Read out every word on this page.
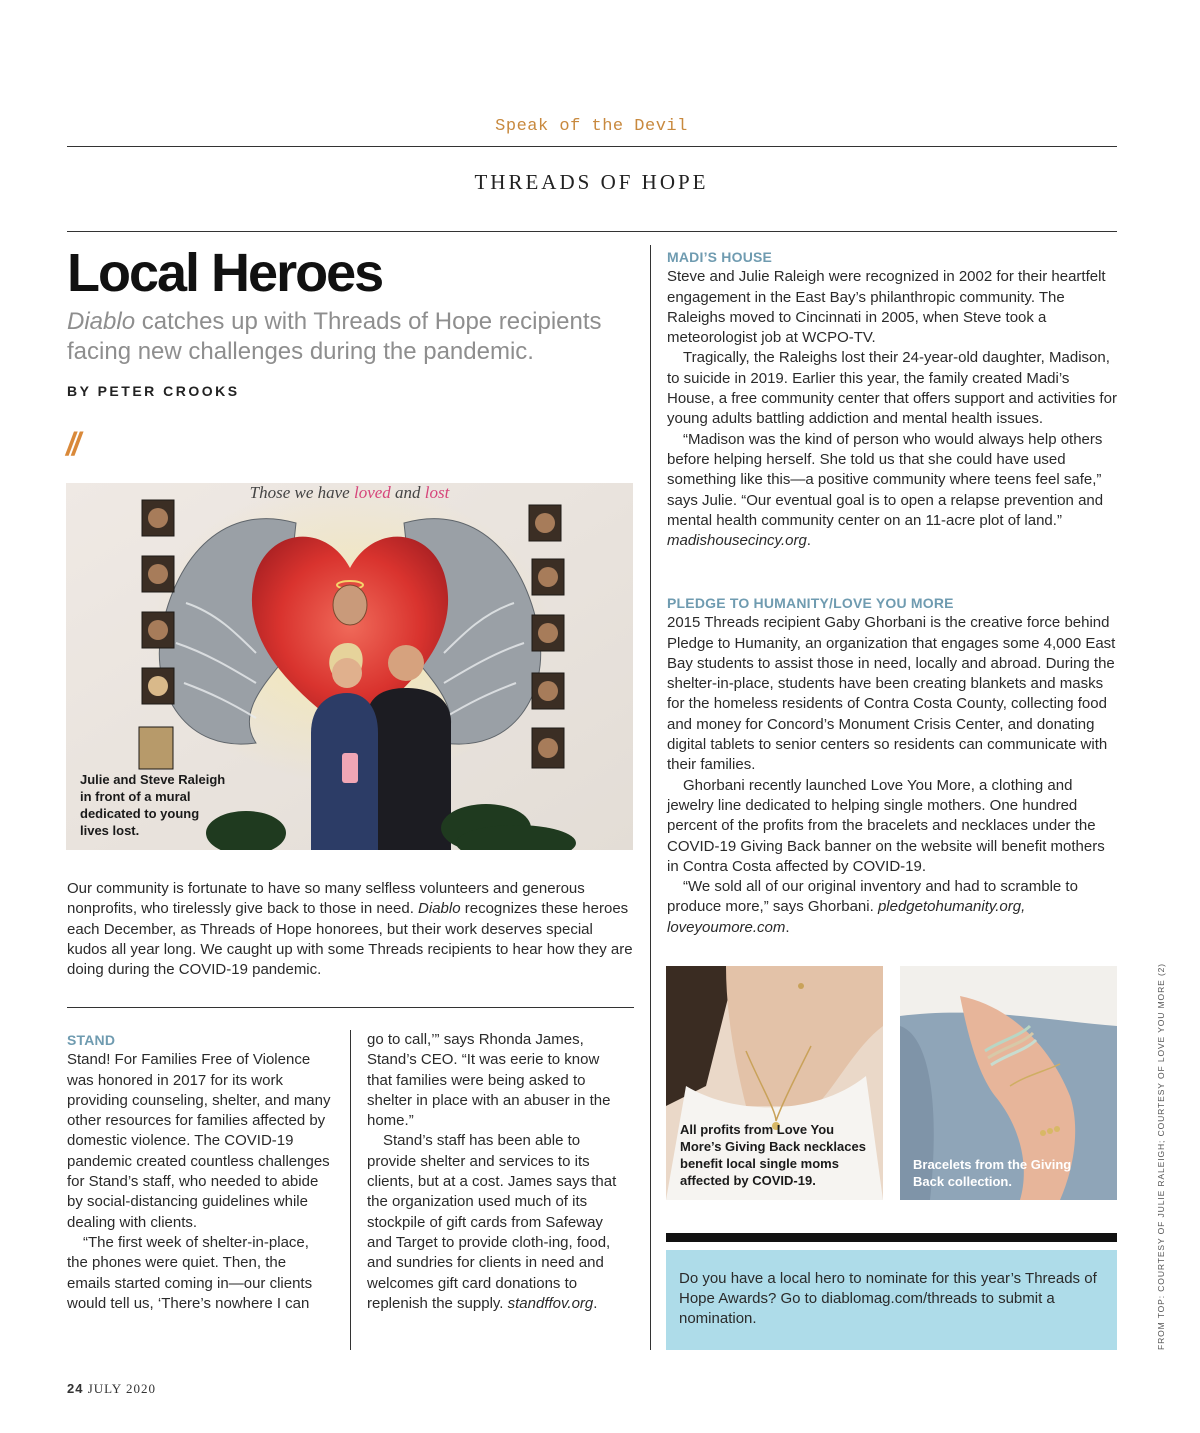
Speak of the Devil
THREADS OF HOPE
Local Heroes
Diablo catches up with Threads of Hope recipients facing new challenges during the pandemic.
BY PETER CROOKS
//
Those we have loved and lost
Julie and Steve Raleigh
in front of a mural
dedicated to young
lives lost.
Our community is fortunate to have so many selfless volunteers and generous nonprofits, who tirelessly give back to those in need. Diablo recognizes these heroes each December, as Threads of Hope honorees, but their work deserves special kudos all year long. We caught up with some Threads recipients to hear how they are doing during the COVID-19 pandemic.
STAND

Stand! For Families Free of Violence was honored in 2017 for its work providing counseling, shelter, and many other resources for families affected by domestic violence. The COVID-19 pandemic created countless challenges for Stand’s staff, who needed to abide by social-distancing guidelines while dealing with clients.

“The first week of shelter-in-place, the phones were quiet. Then, the emails started coming in—our clients would tell us, ‘There’s nowhere I can

go to call,’” says Rhonda James, Stand’s CEO. “It was eerie to know that families were being asked to shelter in place with an abuser in the home.”

Stand’s staff has been able to provide shelter and services to its clients, but at a cost. James says that the organization used much of its stockpile of gift cards from Safeway and Target to provide cloth-ing, food, and sundries for clients in need and welcomes gift card donations to replenish the supply. standffov.org.

MADI’S HOUSE

Steve and Julie Raleigh were recognized in 2002 for their heartfelt engagement in the East Bay’s philanthropic community. The Raleighs moved to Cincinnati in 2005, when Steve took a meteorologist job at WCPO-TV.

Tragically, the Raleighs lost their 24-year-old daughter, Madison, to suicide in 2019. Earlier this year, the family created Madi’s House, a free community center that offers support and activities for young adults battling addiction and mental health issues.

“Madison was the kind of person who would always help others before helping herself. She told us that she could have used something like this—a positive community where teens feel safe,” says Julie. “Our eventual goal is to open a relapse prevention and mental health community center on an 11-acre plot of land.” madishousecincy.org.

PLEDGE TO HUMANITY/LOVE YOU MORE

2015 Threads recipient Gaby Ghorbani is the creative force behind Pledge to Humanity, an organization that engages some 4,000 East Bay students to assist those in need, locally and abroad. During the shelter-in-place, students have been creating blankets and masks for the homeless residents of Contra Costa County, collecting food and money for Concord’s Monument Crisis Center, and donating digital tablets to senior centers so residents can communicate with their families.

Ghorbani recently launched Love You More, a clothing and jewelry line dedicated to helping single mothers. One hundred percent of the profits from the bracelets and necklaces under the COVID-19 Giving Back banner on the website will benefit mothers in Contra Costa affected by COVID-19.

“We sold all of our original inventory and had to scramble to produce more,” says Ghorbani. pledgetohumanity.org, loveyoumore.com.

All profits from Love You
More’s Giving Back necklaces
benefit local single moms
affected by COVID-19.
Bracelets from the Giving
Back collection.	FROM TOP: COURTESY OF JULIE RALEIGH; COURTESY OF LOVE YOU MORE (2)
Do you have a local hero to nominate for this year’s Threads of Hope Awards? Go to diablomag.com/threads to submit a nomination.
24 JULY 2020
